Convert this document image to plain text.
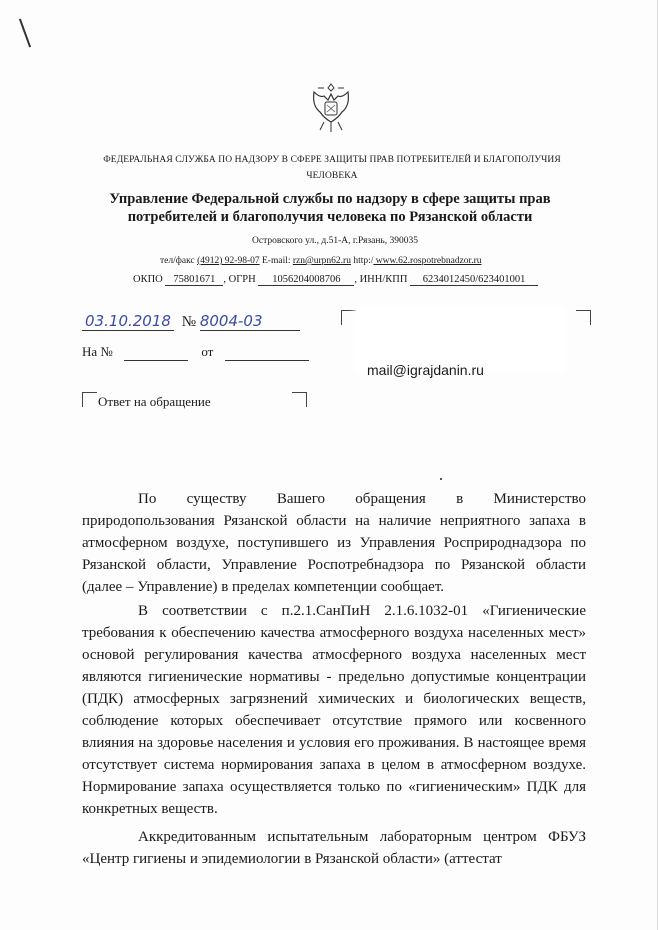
ФЕДЕРАЛЬНАЯ СЛУЖБА ПО НАДЗОРУ В СФЕРЕ ЗАЩИТЫ ПРАВ ПОТРЕБИТЕЛЕЙ И БЛАГОПОЛУЧИЯ ЧЕЛОВЕКА
Управление Федеральной службы по надзору в сфере защиты прав потребителей и благополучия человека по Рязанской области
Островского ул., д.51-А, г.Рязань, 390035
тел/факс (4912) 92-98-07 E-mail: rzn@urpn62.ru http:/ www.62.rospotrebnadzor.ru
ОКПО 75801671 , ОГРН 1056204008706 , ИНН/КПП 6234012450/623401001
03.10.2018 № 8004-03
На №	от
mail@igrajdanin.ru
Ответ на обращение

По существу Вашего обращения в Министерство природопользования Рязанской области на наличие неприятного запаха в атмосферном воздухе, поступившего из Управления Росприроднадзора по Рязанской области, Управление Роспотребнадзора по Рязанской области (далее – Управление) в пределах компетенции сообщает.

В соответствии с п.2.1.СанПиН 2.1.6.1032-01 «Гигиенические требования к обеспечению качества атмосферного воздуха населенных мест» основой регулирования качества атмосферного воздуха населенных мест являются гигиенические нормативы - предельно допустимые концентрации (ПДК) атмосферных загрязнений химических и биологических веществ, соблюдение которых обеспечивает отсутствие прямого или косвенного влияния на здоровье населения и условия его проживания. В настоящее время отсутствует система нормирования запаха в целом в атмосферном воздухе. Нормирование запаха осуществляется только по «гигиеническим» ПДК для конкретных веществ.

Аккредитованным испытательным лабораторным центром ФБУЗ «Центр гигиены и эпидемиологии в Рязанской области» (аттестат
